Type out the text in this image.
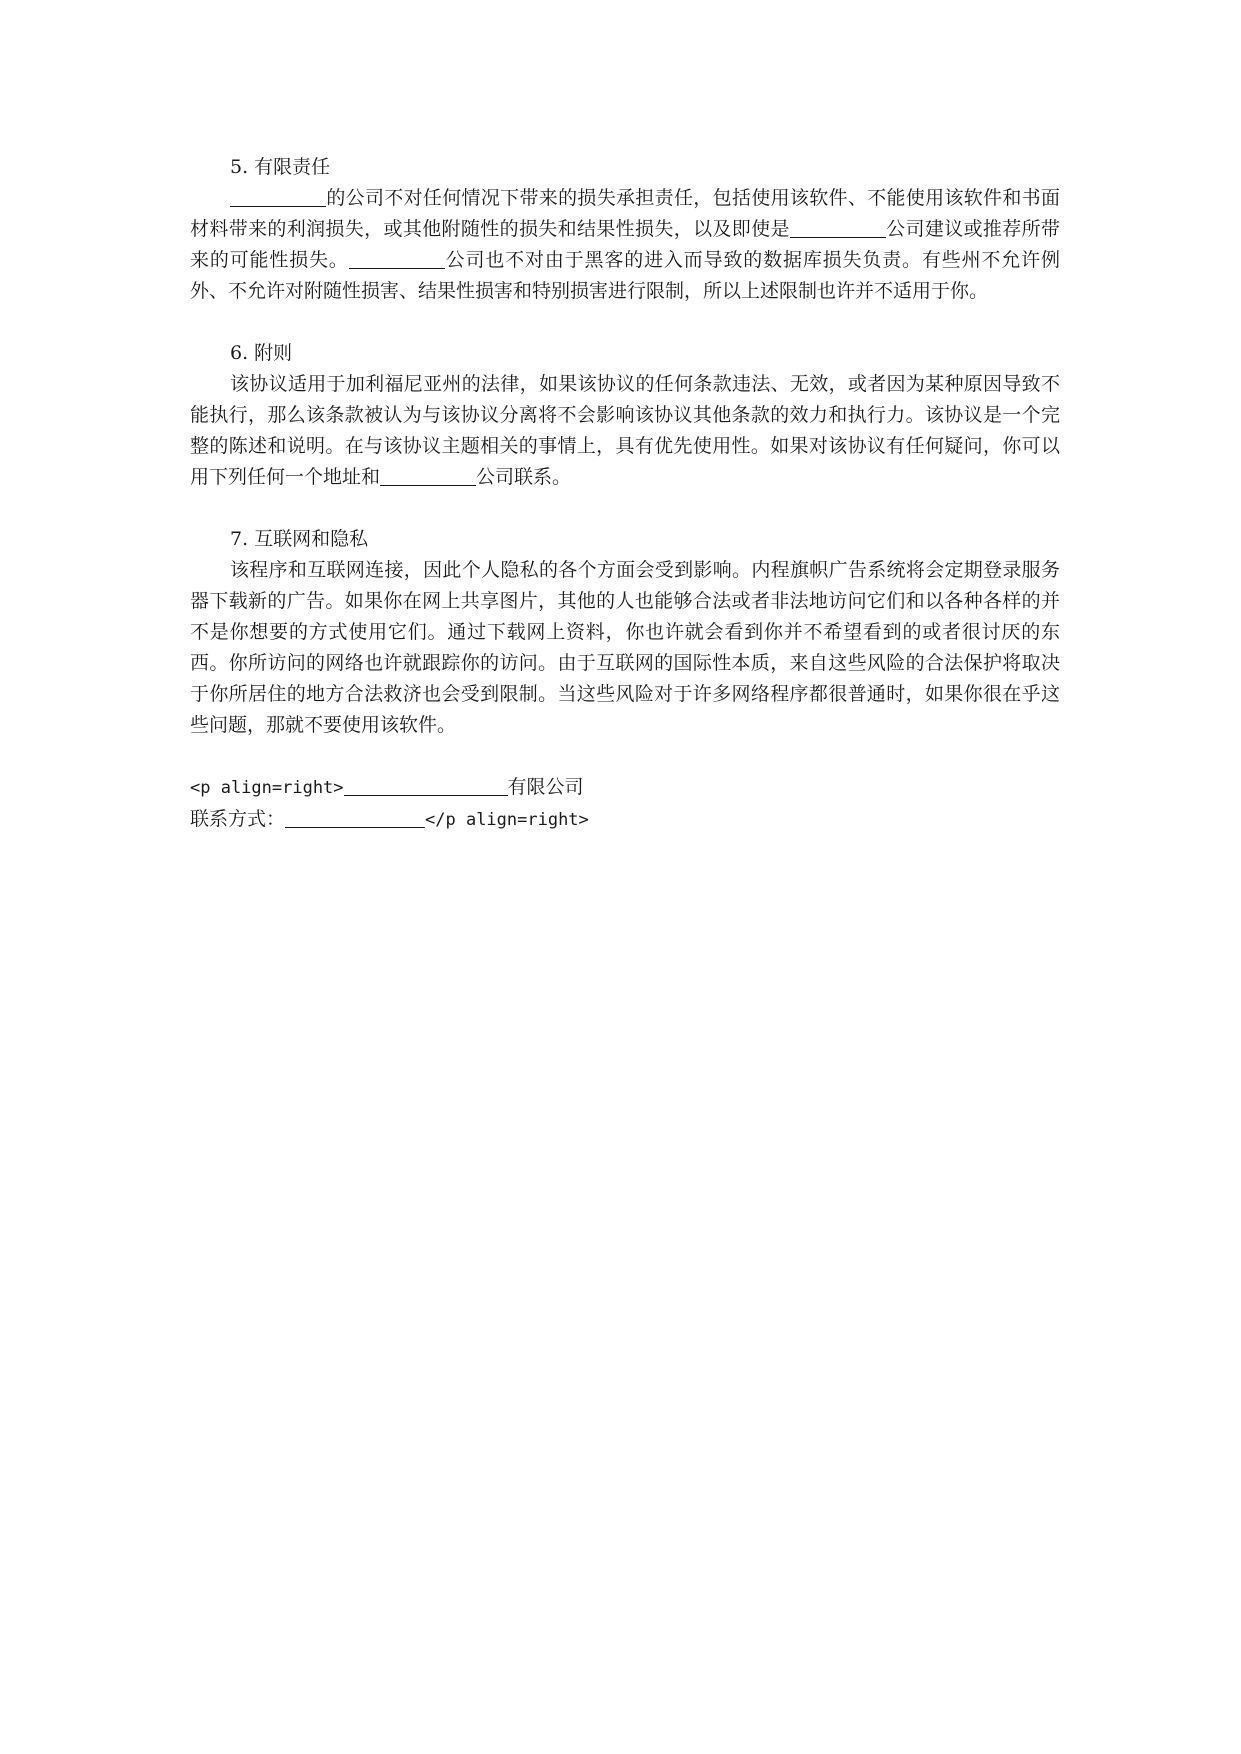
5. 有限责任

的公司不对任何情况下带来的损失承担责任，包括使用该软件、不能使用该软件和书面材料带来的利润损失，或其他附随性的损失和结果性损失，以及即使是	公司建议或推荐所带来的可能性损失。	公司也不对由于黑客的进入而导致的数据库损失负责。有些州不允许例外、不允许对附随性损害、结果性损害和特别损害进行限制，所以上述限制也许并不适用于你。

6. 附则

该协议适用于加利福尼亚州的法律，如果该协议的任何条款违法、无效，或者因为某种原因导致不能执行，那么该条款被认为与该协议分离将不会影响该协议其他条款的效力和执行力。该协议是一个完整的陈述和说明。在与该协议主题相关的事情上，具有优先使用性。如果对该协议有任何疑问，你可以用下列任何一个地址和	公司联系。

7. 互联网和隐私

该程序和互联网连接，因此个人隐私的各个方面会受到影响。内程旗帜广告系统将会定期登录服务器下载新的广告。如果你在网上共享图片，其他的人也能够合法或者非法地访问它们和以各种各样的并不是你想要的方式使用它们。通过下载网上资料，你也许就会看到你并不希望看到的或者很讨厌的东西。你所访问的网络也许就跟踪你的访问。由于互联网的国际性本质，来自这些风险的合法保护将取决于你所居住的地方合法救济也会受到限制。当这些风险对于许多网络程序都很普通时，如果你很在乎这些问题，那就不要使用该软件。

<p align=right>	有限公司

联系方式：	</p align=right>
